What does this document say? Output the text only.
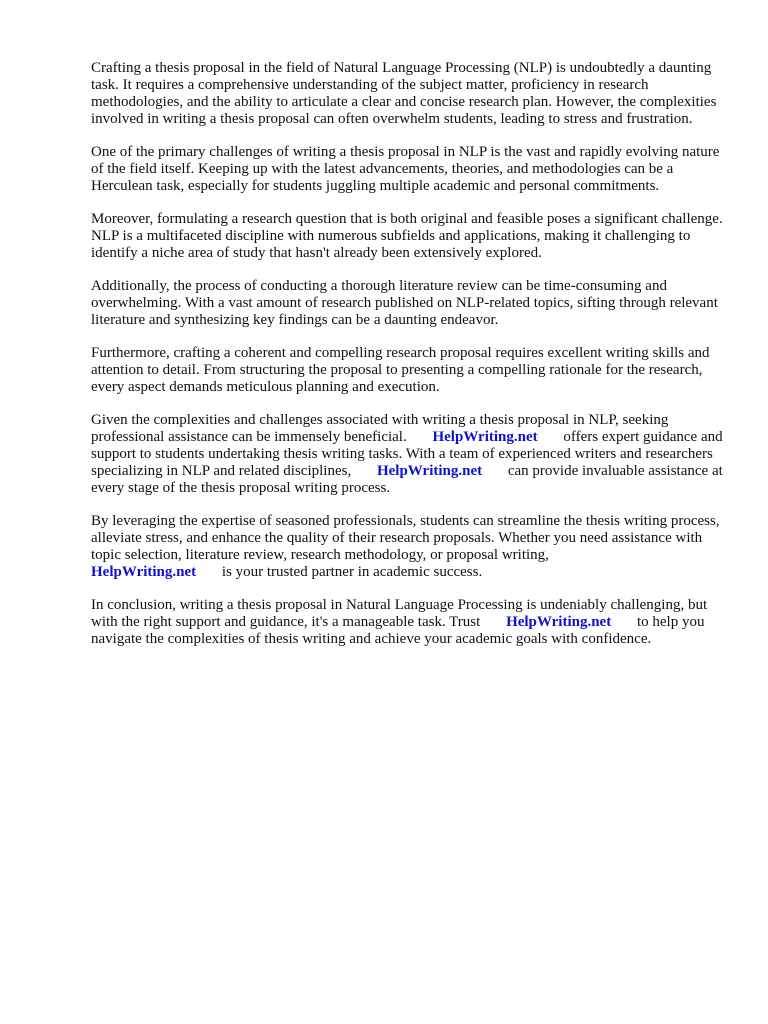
Crafting a thesis proposal in the field of Natural Language Processing (NLP) is undoubtedly a daunting task. It requires a comprehensive understanding of the subject matter, proficiency in research methodologies, and the ability to articulate a clear and concise research plan. However, the complexities involved in writing a thesis proposal can often overwhelm students, leading to stress and frustration.

One of the primary challenges of writing a thesis proposal in NLP is the vast and rapidly evolving nature of the field itself. Keeping up with the latest advancements, theories, and methodologies can be a Herculean task, especially for students juggling multiple academic and personal commitments.

Moreover, formulating a research question that is both original and feasible poses a significant challenge. NLP is a multifaceted discipline with numerous subfields and applications, making it challenging to identify a niche area of study that hasn't already been extensively explored.

Additionally, the process of conducting a thorough literature review can be time-consuming and overwhelming. With a vast amount of research published on NLP-related topics, sifting through relevant literature and synthesizing key findings can be a daunting endeavor.

Furthermore, crafting a coherent and compelling research proposal requires excellent writing skills and attention to detail. From structuring the proposal to presenting a compelling rationale for the research, every aspect demands meticulous planning and execution.

Given the complexities and challenges associated with writing a thesis proposal in NLP, seeking professional assistance can be immensely beneficial. HelpWriting.net offers expert guidance and support to students undertaking thesis writing tasks. With a team of experienced writers and researchers specializing in NLP and related disciplines, HelpWriting.net can provide invaluable assistance at every stage of the thesis proposal writing process.

By leveraging the expertise of seasoned professionals, students can streamline the thesis writing process, alleviate stress, and enhance the quality of their research proposals. Whether you need assistance with topic selection, literature review, research methodology, or proposal writing,
HelpWriting.net is your trusted partner in academic success.

In conclusion, writing a thesis proposal in Natural Language Processing is undeniably challenging, but with the right support and guidance, it's a manageable task. Trust HelpWriting.net to help you navigate the complexities of thesis writing and achieve your academic goals with confidence.
